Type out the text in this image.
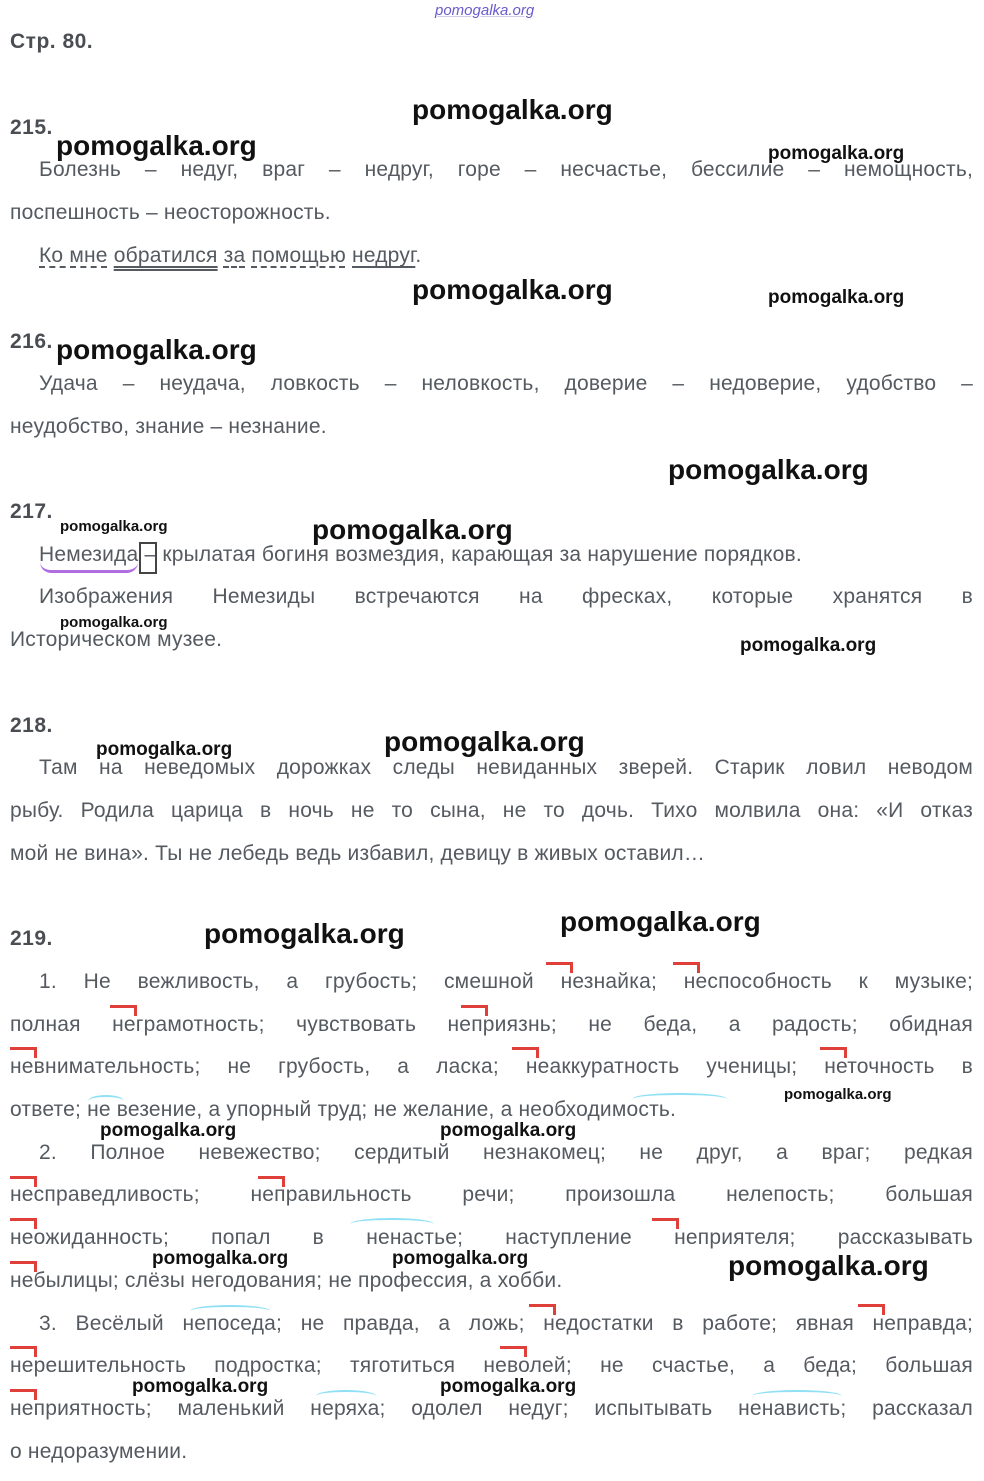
pomogalka.org
Стр. 80.
215.
Болезнь – недуг, враг – недруг, горе – несчастье, бессилие – немощность,
поспешность – неосторожность.
Ко мне обратился за помощью недруг.
216.
Удача – неудача, ловкость – неловкость, доверие – недоверие, удобство –
неудобство, знание – незнание.
217.
Немезида – крылатая богиня возмездия, карающая за нарушение порядков.
Изображения Немезиды встречаются на фресках, которые хранятся в
Историческом музее.
218.
Там на неведомых дорожках следы невиданных зверей. Старик ловил неводом
рыбу. Родила царица в ночь не то сына, не то дочь. Тихо молвила она: «И отказ
мой не вина». Ты не лебедь ведь избавил, девицу в живых оставил…
219.
1. Не вежливость, а грубость; смешной незнайка; неспособность к музыке;
полная неграмотность; чувствовать неприязнь; не беда, а радость; обидная
невнимательность; не грубость, а ласка; неаккуратность ученицы; неточность в
ответе; не везение, а упорный труд; не желание, а необходимость.
2. Полное невежество; сердитый незнакомец; не друг, а враг; редкая
несправедливость; неправильность речи; произошла нелепость; большая
неожиданность; попал в ненастье; наступление неприятеля; рассказывать
небылицы; слёзы негодования; не профессия, а хобби.
3. Весёлый непоседа; не правда, а ложь; недостатки в работе; явная неправда;
нерешительность подростка; тяготиться неволей; не счастье, а беда; большая
неприятность; маленький неряха; одолел недуг; испытывать ненависть; рассказал
о недоразумении.
pomogalka.org
pomogalka.org	pomogalka.org
pomogalka.org	pomogalka.org
pomogalka.org
pomogalka.org
pomogalka.org	pomogalka.org
pomogalka.org
pomogalka.org
pomogalka.org
pomogalka.org
pomogalka.org
pomogalka.org
pomogalka.org
pomogalka.org	pomogalka.org
pomogalka.org	pomogalka.org	pomogalka.org
pomogalka.org	pomogalka.org
